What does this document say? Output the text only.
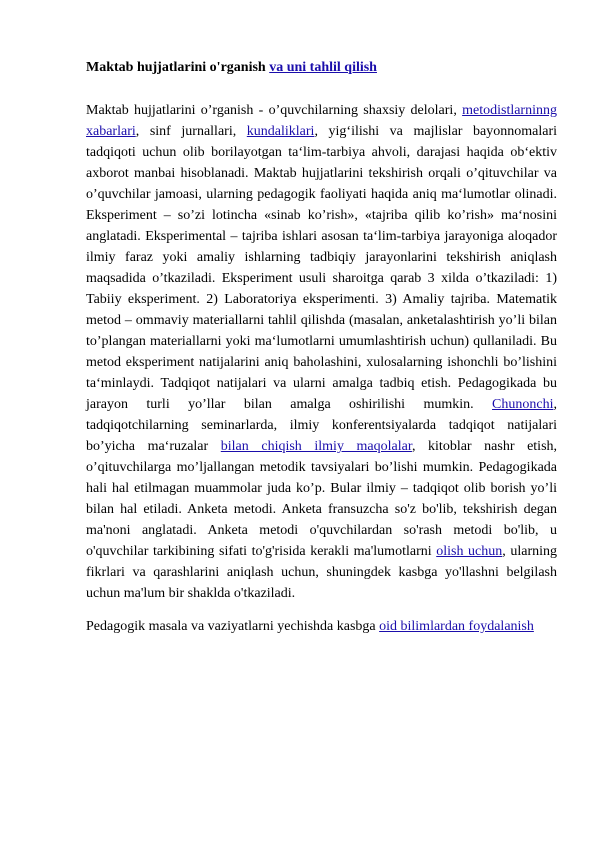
Maktab hujjatlarini o'rganish va uni tahlil qilish

Maktab hujjatlarini o’rganish - o’quvchilarning shaxsiy delolari, metodistlarninng xabarlari, sinf jurnallari, kundaliklari, yig‘ilishi va majlislar bayonnomalari tadqiqoti uchun olib borilayotgan ta‘lim-tarbiya ahvoli, darajasi haqida ob‘ektiv axborot manbai hisoblanadi. Maktab hujjatlarini tekshirish orqali o’qituvchilar va o’quvchilar jamoasi, ularning pedagogik faoliyati haqida aniq ma‘lumotlar olinadi. Eksperiment – so’zi lotincha «sinab ko’rish», «tajriba qilib ko’rish» ma‘nosini anglatadi. Eksperimental – tajriba ishlari asosan ta‘lim-tarbiya jarayoniga aloqador ilmiy faraz yoki amaliy ishlarning tadbiqiy jarayonlarini tekshirish aniqlash maqsadida o’tkaziladi. Eksperiment usuli sharoitga qarab 3 xilda o’tkaziladi: 1) Tabiiy eksperiment. 2) Laboratoriya eksperimenti. 3) Amaliy tajriba. Matematik metod – ommaviy materiallarni tahlil qilishda (masalan, anketalashtirish yo’li bilan to’plangan materiallarni yoki ma‘lumotlarni umumlashtirish uchun) qullaniladi. Bu metod eksperiment natijalarini aniq baholashini, xulosalarning ishonchli bo’lishini ta‘minlaydi. Tadqiqot natijalari va ularni amalga tadbiq etish. Pedagogikada bu jarayon turli yo’llar bilan amalga oshirilishi mumkin. Chunonchi, tadqiqotchilarning seminarlarda, ilmiy konferentsiyalarda tadqiqot natijalari bo’yicha ma‘ruzalar bilan chiqish ilmiy maqolalar, kitoblar nashr etish, o’qituvchilarga mo’ljallangan metodik tavsiyalari bo’lishi mumkin. Pedagogikada hali hal etilmagan muammolar juda ko’p. Bular ilmiy – tadqiqot olib borish yo’li bilan hal etiladi. Anketa metodi. Anketa fransuzcha so'z bo'lib, tekshirish degan ma'noni anglatadi. Anketa metodi o'quvchilardan so'rash metodi bo'lib, u o'quvchilar tarkibining sifati to'g'risida kerakli ma'lumotlarni olish uchun, ularning fikrlari va qarashlarini aniqlash uchun, shuningdek kasbga yo'llashni belgilash uchun ma'lum bir shaklda o'tkaziladi.

Pedagogik masala va vaziyatlarni yechishda kasbga oid bilimlardan foydalanish
